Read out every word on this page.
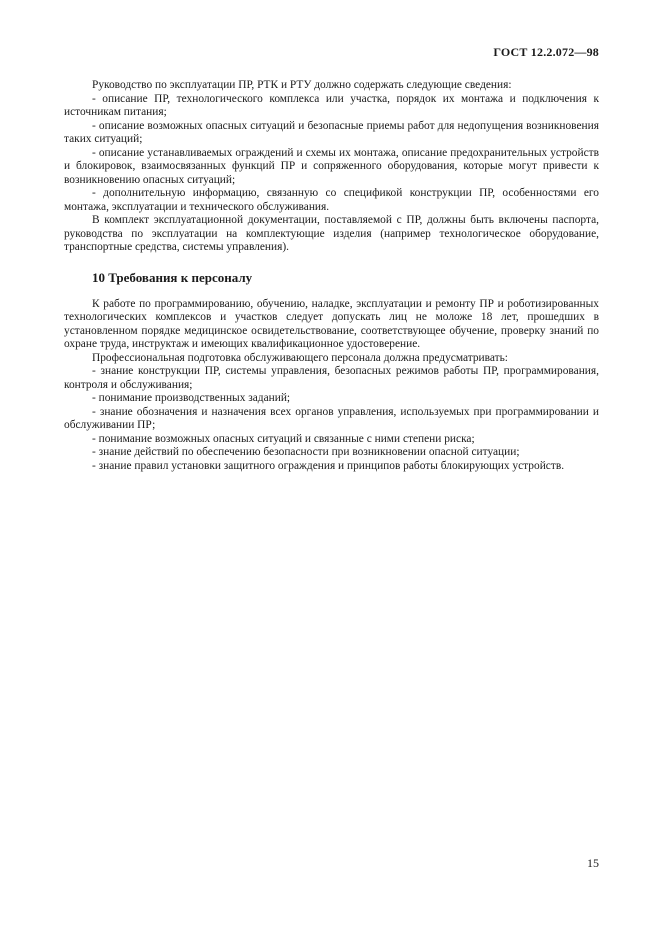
ГОСТ 12.2.072—98

Руководство по эксплуатации ПР, РТК и РТУ должно содержать следующие сведения:

- описание ПР, технологического комплекса или участка, порядок их монтажа и подключения к источникам питания;

- описание возможных опасных ситуаций и безопасные приемы работ для недопущения возникновения таких ситуаций;

- описание устанавливаемых ограждений и схемы их монтажа, описание предохранительных устройств и блокировок, взаимосвязанных функций ПР и сопряженного оборудования, которые могут привести к возникновению опасных ситуаций;

- дополнительную информацию, связанную со спецификой конструкции ПР, особенностями его монтажа, эксплуатации и технического обслуживания.

В комплект эксплуатационной документации, поставляемой с ПР, должны быть включены паспорта, руководства по эксплуатации на комплектующие изделия (например технологическое оборудование, транспортные средства, системы управления).

10 Требования к персоналу

К работе по программированию, обучению, наладке, эксплуатации и ремонту ПР и роботизированных технологических комплексов и участков следует допускать лиц не моложе 18 лет, прошедших в установленном порядке медицинское освидетельствование, соответствующее обучение, проверку знаний по охране труда, инструктаж и имеющих квалификационное удостоверение.

Профессиональная подготовка обслуживающего персонала должна предусматривать:

- знание конструкции ПР, системы управления, безопасных режимов работы ПР, программирования, контроля и обслуживания;

- понимание производственных заданий;

- знание обозначения и назначения всех органов управления, используемых при программировании и обслуживании ПР;

- понимание возможных опасных ситуаций и связанные с ними степени риска;

- знание действий по обеспечению безопасности при возникновении опасной ситуации;

- знание правил установки защитного ограждения и принципов работы блокирующих устройств.

15
